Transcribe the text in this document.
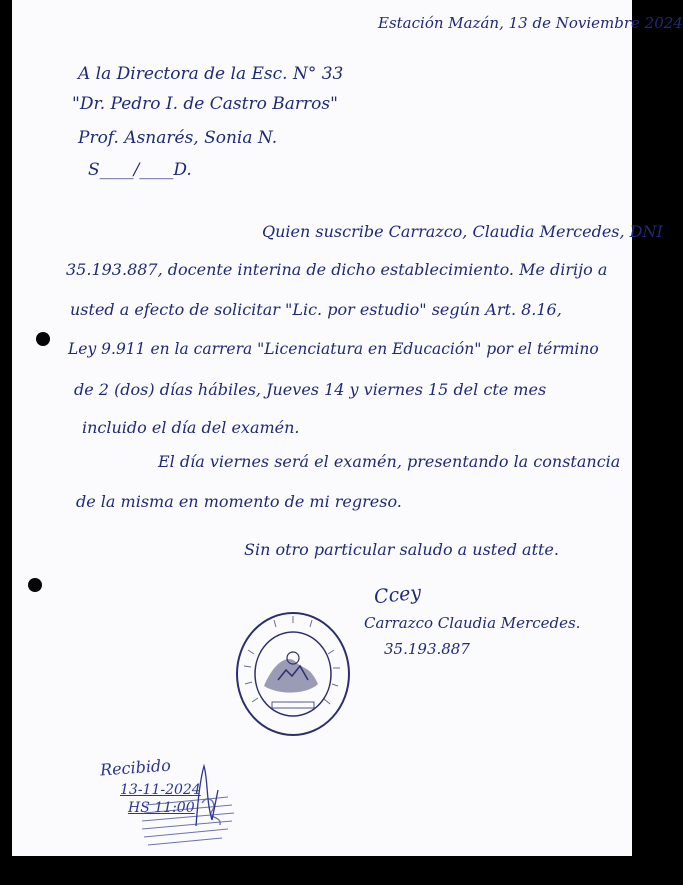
Estación Mazán, 13 de Noviembre 2024
A la Directora de la Esc. N° 33
"Dr. Pedro I. de Castro Barros"
Prof. Asnarés, Sonia N.
S____/____D.
Quien suscribe Carrazco, Claudia Mercedes, DNI
35.193.887, docente interina de dicho establecimiento. Me dirijo a
usted a efecto de solicitar "Lic. por estudio" según Art. 8.16,
Ley 9.911 en la carrera "Licenciatura en Educación" por el término
de 2 (dos) días hábiles, Jueves 14 y viernes 15 del cte mes
incluido el día del examén.
El día viernes será el examén, presentando la constancia
de la misma en momento de mi regreso.
Sin otro particular saludo a usted atte.
Ccey
Carrazco Claudia Mercedes.
35.193.887
Recibido
13-11-2024
HS 11:00
